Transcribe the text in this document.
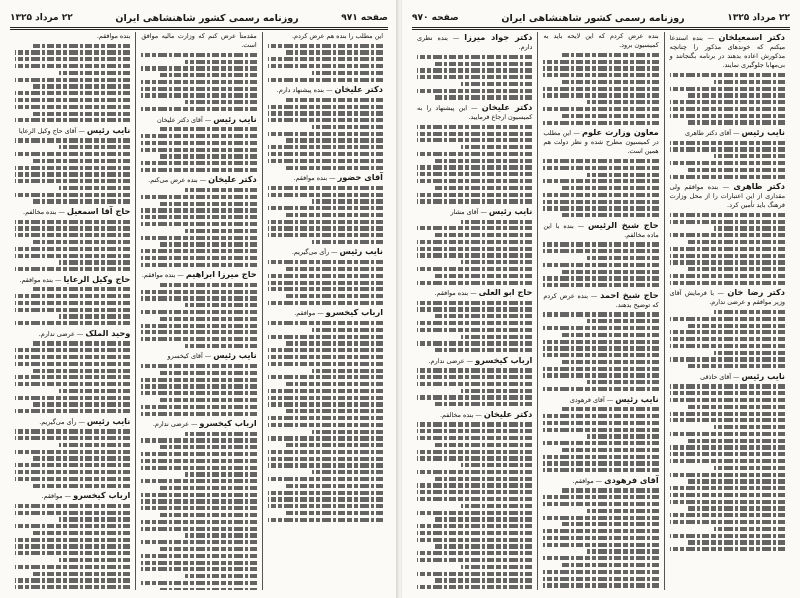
صفحه ۹۷۱
روزنامه رسمی کشور شاهنشاهی ایران
۲۲ مرداد ۱۳۲۵
این مطلب را بنده هم عرض کردم.
دکتر علیخان — بنده پیشنهاد دارم.
آقای حضور — بنده موافقم.
نایب رئیس — رأی می‌گیریم.
ارباب کیخسرو — موافقم.
مقدمتاً عرض کنم که وزارت مالیه موافق است.
نایب رئیس — آقای دکتر علیخان
دکتر علیخان — بنده عرض می‌کنم.
حاج میرزا ابراهیم — بنده موافقم.
نایب رئیس — آقای کیخسرو
ارباب کیخسرو — عرضی ندارم.
بنده موافقم.
نایب رئیس — آقای حاج وکیل الرعایا
حاج آقا اسمعیل — بنده مخالفم.
حاج وکیل الرعایا — بنده موافقم.
وحید الملک — عرضی ندارم.
نایب رئیس — رأی می‌گیریم.
ارباب کیخسرو — موافقم.
۲۲ مرداد ۱۳۲۵
روزنامه رسمی کشور شاهنشاهی ایران
صفحه ۹۷۰
دکتر اسمعیلخان — بنده استدعا میکنم که خوندهای مذکور را چنانچه مذکورش اعاده بدهند در برنامه بگنجانند و بی‌مهابا جلوگیری نمایند.
نایب رئیس — آقای دکتر طاهری
دکتر طاهری — بنده موافقم ولی مقداری از این اعتبارات را از محل وزارت فرهنگ باید تأمین کرد.
دکتر رضا خان — با فرمایش آقای وزیر موافقم و عرضی ندارم.
نایب رئیس — آقای حاذقی
بنده عرض کردم که این لایحه باید به کمیسیون برود.
معاون وزارت علوم — این مطلب در کمیسیون مطرح شده و نظر دولت هم همین است.
حاج شیخ الرئیس — بنده با این ماده مخالفم.
حاج شیخ احمد — بنده عرض کردم که توضیح بدهند.
نایب رئیس — آقای فرهودی
آقای فرهودی — موافقم.
دکتر جواد میرزا — بنده نظری دارم.
دکتر علیخان — این پیشنهاد را به کمیسیون ارجاع فرمایید.
نایب رئیس — آقای مشار
حاج ابو العلی — بنده موافقم.
ارباب کیخسرو — عرضی ندارم.
دکتر علیخان — بنده مخالفم.
